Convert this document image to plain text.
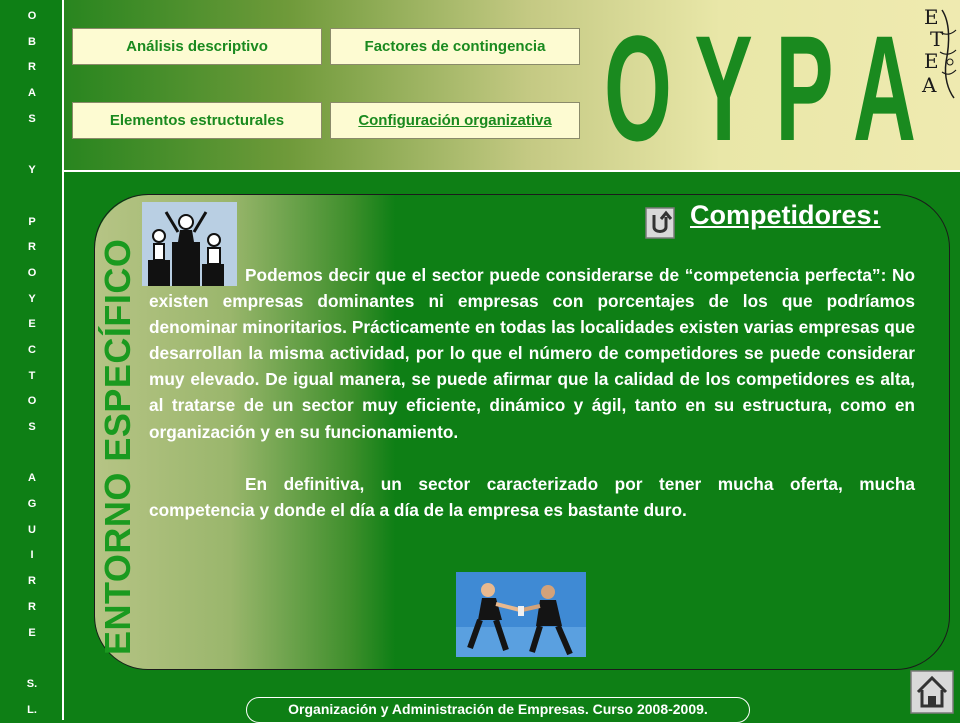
O
B
R
A
S
Y
P
R
O
Y
E
C
T
O
S
A
G
U
I
R
R
E
S.
L.
Análisis descriptivo	Factores de contingencia
Elementos estructurales	Configuración organizativa O Y P A E
T
E
A
ENTORNO ESPECÍFICO
Competidores:

Podemos decir que el sector puede considerarse de “competencia perfecta”: No existen empresas dominantes ni empresas con porcentajes de los que podríamos denominar minoritarios. Prácticamente en todas las localidades existen varias empresas que desarrollan la misma actividad, por lo que el número de competidores se puede considerar muy elevado. De igual manera, se puede afirmar que la calidad de los competidores es alta, al tratarse de un sector muy eficiente, dinámico y ágil, tanto en su estructura, como en organización y en su funcionamiento.

En definitiva, un sector caracterizado por tener mucha oferta, mucha competencia y donde el día a día de la empresa es bastante duro.

Organización y Administración de Empresas. Curso 2008-2009.
